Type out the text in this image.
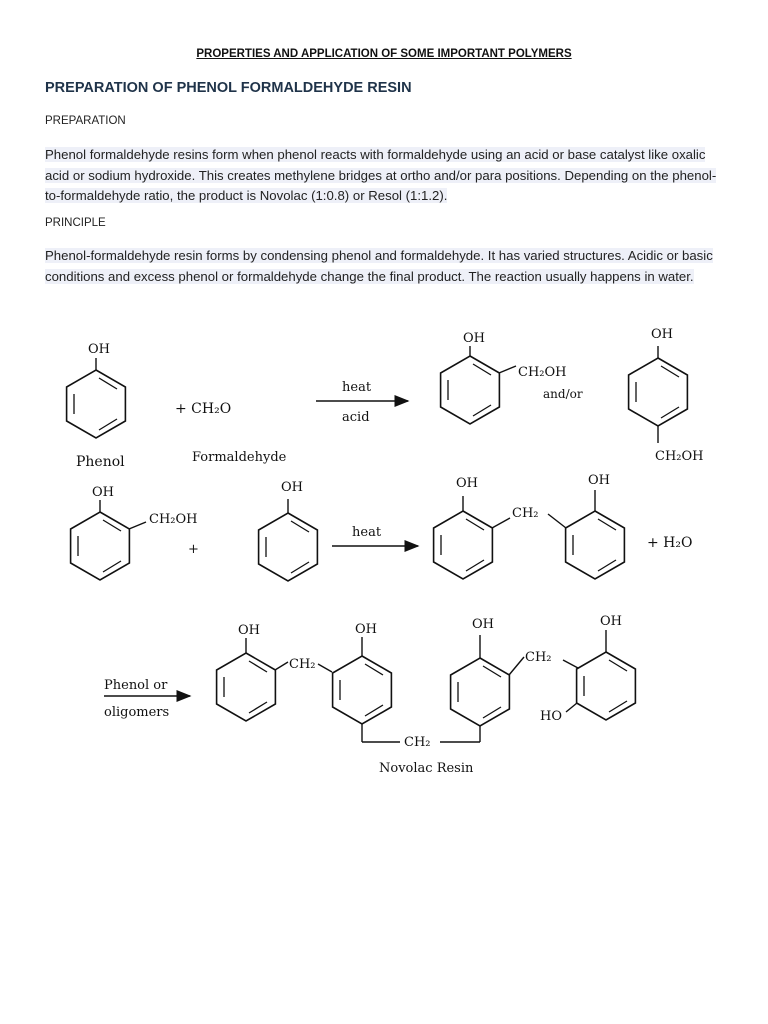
PROPERTIES AND APPLICATION OF SOME IMPORTANT POLYMERS
PREPARATION OF PHENOL FORMALDEHYDE RESIN
PREPARATION
Phenol formaldehyde resins form when phenol reacts with formaldehyde using an acid or base catalyst like oxalic acid or sodium hydroxide. This creates methylene bridges at ortho and/or para positions. Depending on the phenol-to-formaldehyde ratio, the product is Novolac (1:0.8) or Resol (1:1.2).
PRINCIPLE
Phenol-formaldehyde resin forms by condensing phenol and formaldehyde. It has varied structures. Acidic or basic conditions and excess phenol or formaldehyde change the final product. The reaction usually happens in water.
OH
Phenol
+ CH₂O
Formaldehyde
heat
acid
OH
CH₂OH
and/or
OH
CH₂OH
OH
CH₂OH
+
OH
heat
OH
CH₂
OH
+ H₂O
Phenol or
oligomers
OH
CH₂
OH
CH₂
OH
CH₂
OH
HO
Novolac Resin
